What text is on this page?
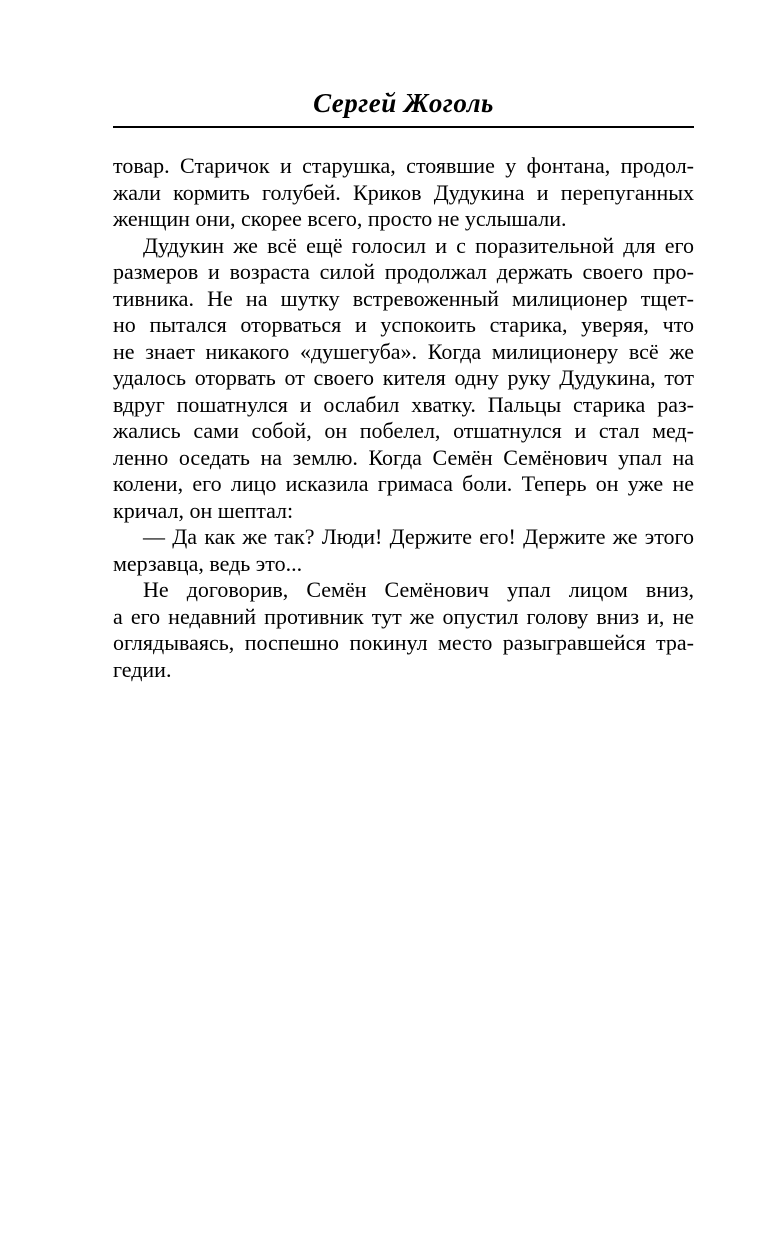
Сергей Жоголь
товар. Старичок и старушка, стоявшие у фонтана, продол-
жали кормить голубей. Криков Дудукина и перепуганных
женщин они, скорее всего, просто не услышали.
Дудукин же всё ещё голосил и с поразительной для его
размеров и возраста силой продолжал держать своего про-
тивника. Не на шутку встревоженный милиционер тщет-
но пытался оторваться и успокоить старика, уверяя, что
не знает никакого «душегуба». Когда милиционеру всё же
удалось оторвать от своего кителя одну руку Дудукина, тот
вдруг пошатнулся и ослабил хватку. Пальцы старика раз-
жались сами собой, он побелел, отшатнулся и стал мед-
ленно оседать на землю. Когда Семён Семёнович упал на
колени, его лицо исказила гримаса боли. Теперь он уже не
кричал, он шептал:
— Да как же так? Люди! Держите его! Держите же этого
мерзавца, ведь это...
Не договорив, Семён Семёнович упал лицом вниз,
а его недавний противник тут же опустил голову вниз и, не
оглядываясь, поспешно покинул место разыгравшейся тра-
гедии.
